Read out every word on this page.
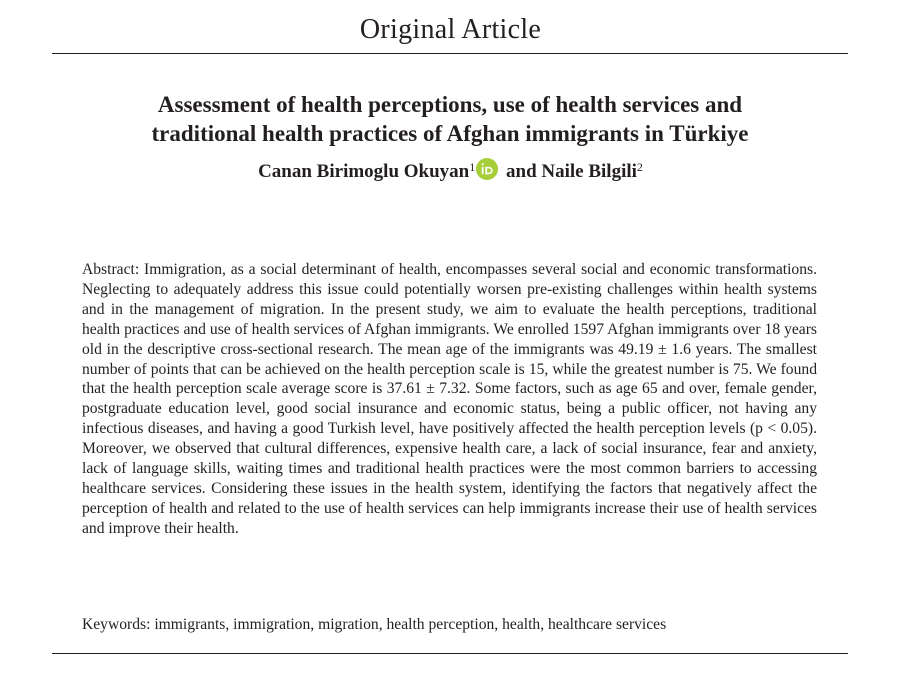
Original Article
Assessment of health perceptions, use of health services and
traditional health practices of Afghan immigrants in Türkiye
Canan Birimoglu Okuyan$^1$ and Naile Bilgili$^2$
Abstract: Immigration, as a social determinant of health, encompasses several social and economic transformations. Neglecting to adequately address this issue could potentially worsen pre-existing challenges within health systems and in the management of migration. In the present study, we aim to evaluate the health perceptions, traditional health practices and use of health services of Afghan immigrants. We enrolled 1597 Afghan immigrants over 18 years old in the descriptive cross-sectional research. The mean age of the immigrants was 49.19 ± 1.6 years. The smallest number of points that can be achieved on the health perception scale is 15, while the greatest number is 75. We found that the health perception scale average score is 37.61 ± 7.32. Some factors, such as age 65 and over, female gender, postgraduate education level, good social insurance and economic status, being a public officer, not having any infectious diseases, and having a good Turkish level, have positively affected the health perception levels (p < 0.05). Moreover, we observed that cultural differences, expensive health care, a lack of social insurance, fear and anxiety, lack of language skills, waiting times and traditional health practices were the most common barriers to accessing healthcare services. Considering these issues in the health system, identifying the factors that negatively affect the perception of health and related to the use of health services can help immigrants increase their use of health services and improve their health.
Keywords: immigrants, immigration, migration, health perception, health, healthcare services
